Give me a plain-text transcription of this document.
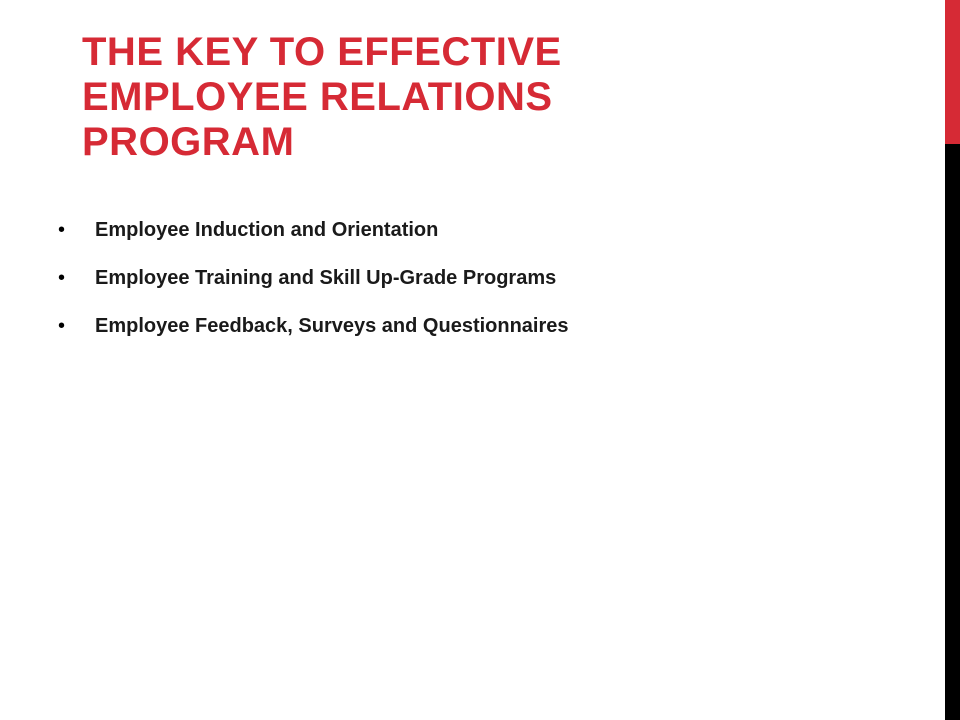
THE KEY TO EFFECTIVE
EMPLOYEE RELATIONS
PROGRAM
•	Employee Induction and Orientation
•	Employee Training and Skill Up-Grade Programs
•	Employee Feedback, Surveys and Questionnaires
